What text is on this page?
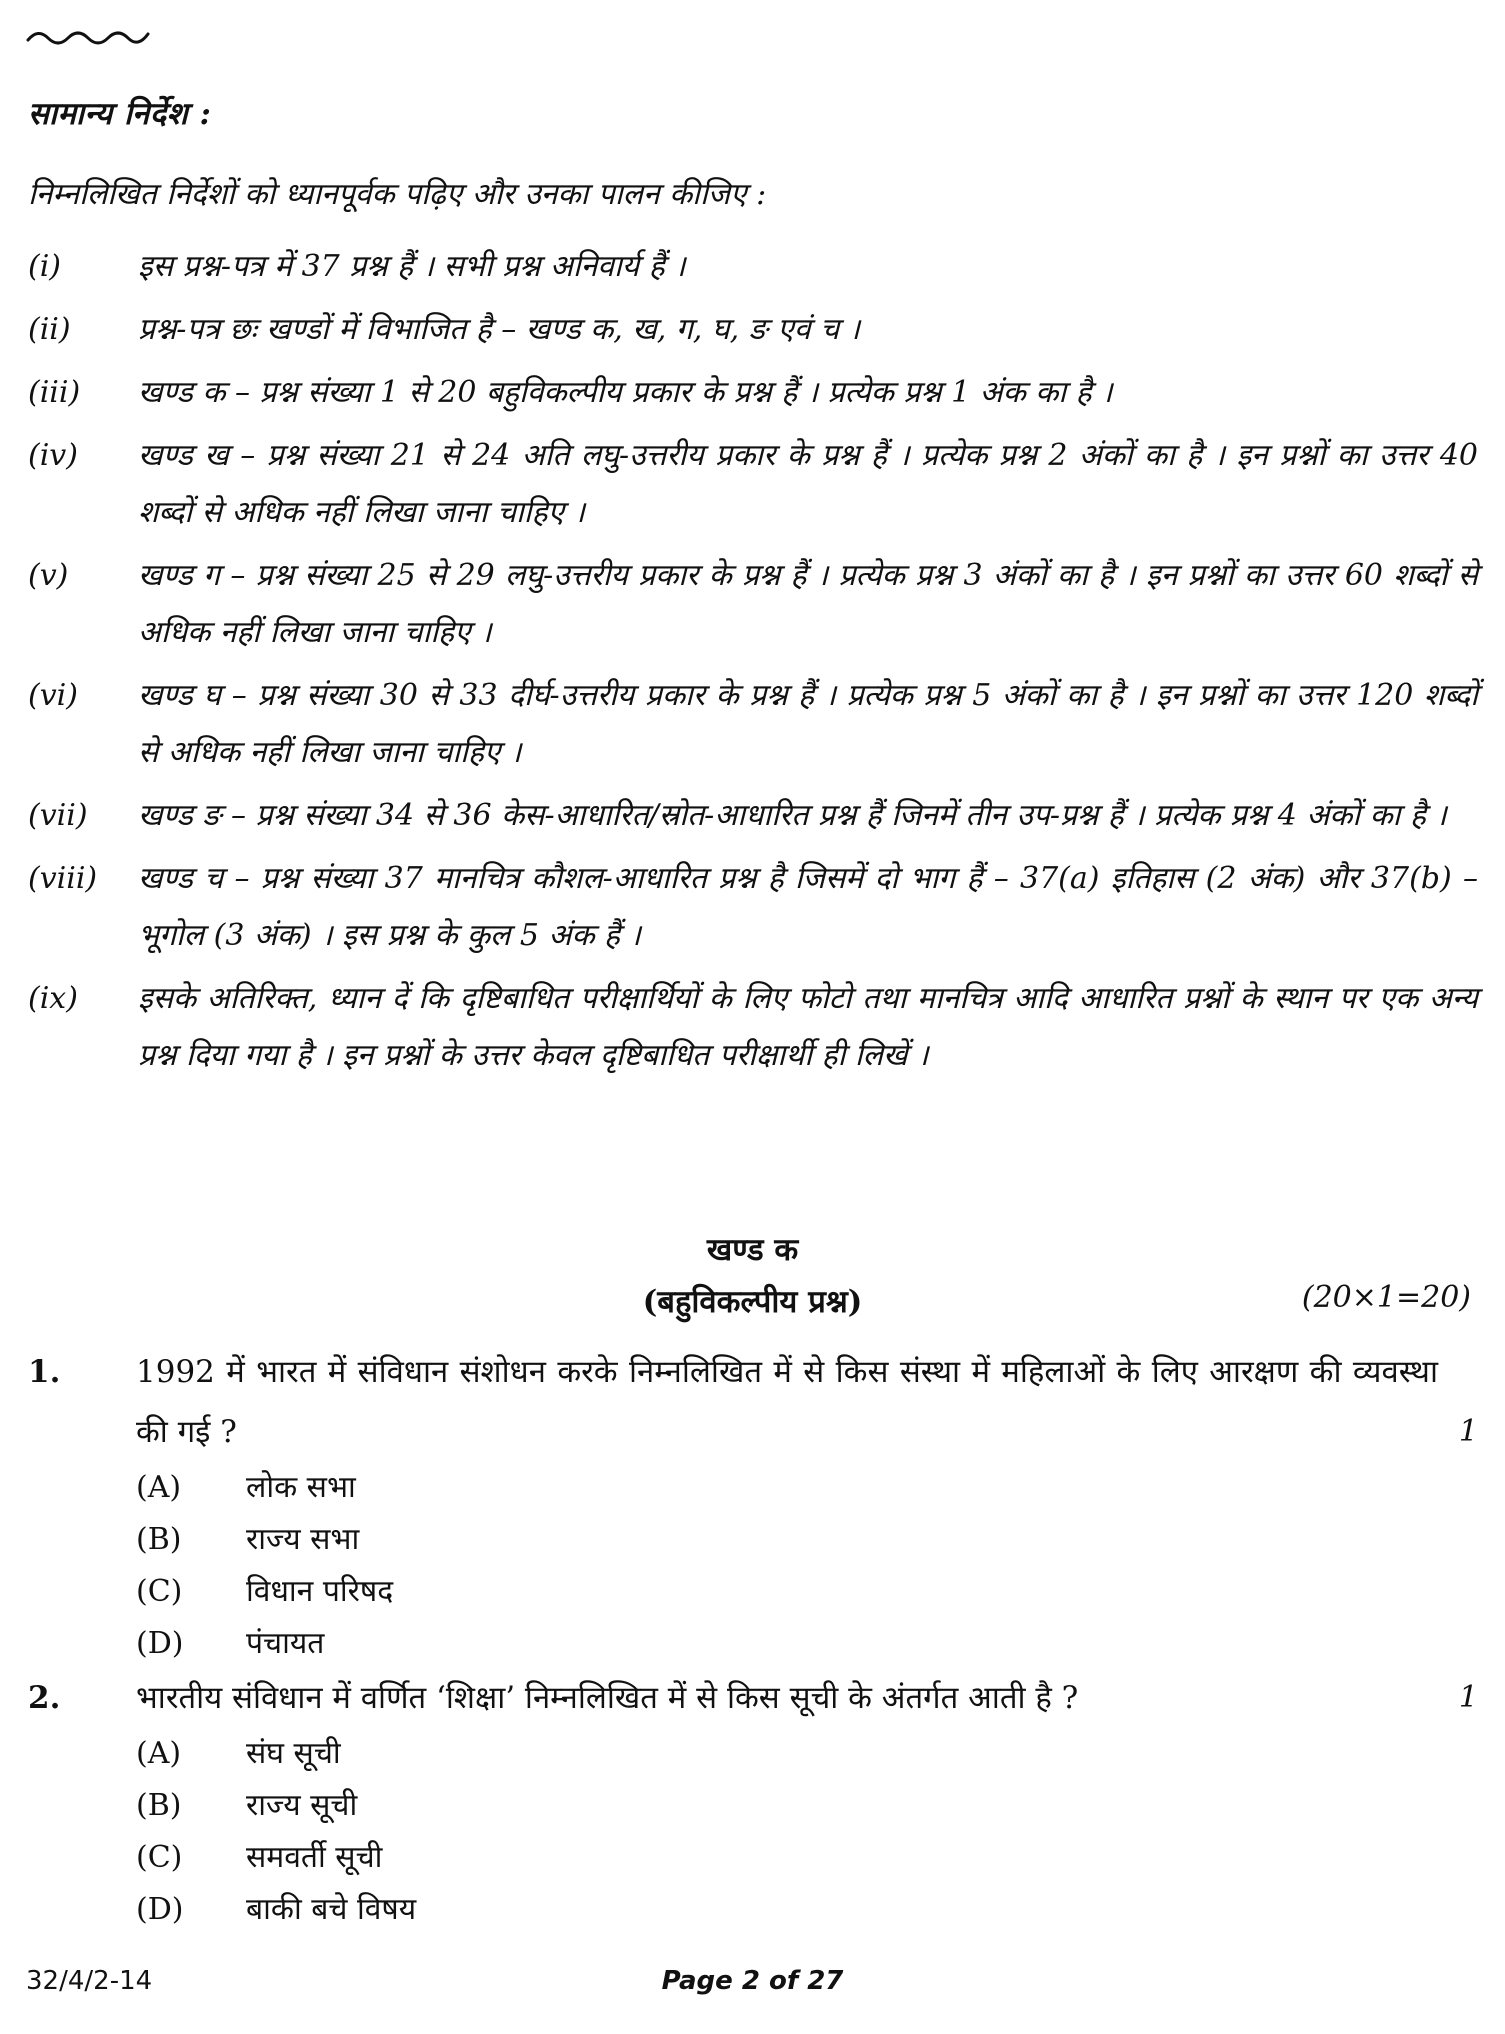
सामान्य निर्देश :
निम्नलिखित निर्देशों को ध्यानपूर्वक पढ़िए और उनका पालन कीजिए :
(i)	इस प्रश्न-पत्र में 37 प्रश्न हैं । सभी प्रश्न अनिवार्य हैं ।
(ii)	प्रश्न-पत्र छः खण्डों में विभाजित है – खण्ड क, ख, ग, घ, ङ एवं च ।
(iii)	खण्ड क – प्रश्न संख्या 1 से 20 बहुविकल्पीय प्रकार के प्रश्न हैं । प्रत्येक प्रश्न 1 अंक का है ।
(iv)	खण्ड ख – प्रश्न संख्या 21 से 24 अति लघु-उत्तरीय प्रकार के प्रश्न हैं । प्रत्येक प्रश्न 2 अंकों का है । इन प्रश्नों का उत्तर 40 शब्दों से अधिक नहीं लिखा जाना चाहिए ।
(v)	खण्ड ग – प्रश्न संख्या 25 से 29 लघु-उत्तरीय प्रकार के प्रश्न हैं । प्रत्येक प्रश्न 3 अंकों का है । इन प्रश्नों का उत्तर 60 शब्दों से अधिक नहीं लिखा जाना चाहिए ।
(vi)	खण्ड घ – प्रश्न संख्या 30 से 33 दीर्घ-उत्तरीय प्रकार के प्रश्न हैं । प्रत्येक प्रश्न 5 अंकों का है । इन प्रश्नों का उत्तर 120 शब्दों से अधिक नहीं लिखा जाना चाहिए ।
(vii)	खण्ड ङ – प्रश्न संख्या 34 से 36 केस-आधारित/स्रोत-आधारित प्रश्न हैं जिनमें तीन उप-प्रश्न हैं । प्रत्येक प्रश्न 4 अंकों का है ।
(viii)	खण्ड च – प्रश्न संख्या 37 मानचित्र कौशल-आधारित प्रश्न है जिसमें दो भाग हैं – 37(a) इतिहास (2 अंक) और 37(b) – भूगोल (3 अंक) । इस प्रश्न के कुल 5 अंक हैं ।
(ix)	इसके अतिरिक्त, ध्यान दें कि दृष्टिबाधित परीक्षार्थियों के लिए फोटो तथा मानचित्र आदि आधारित प्रश्नों के स्थान पर एक अन्य प्रश्न दिया गया है । इन प्रश्नों के उत्तर केवल दृष्टिबाधित परीक्षार्थी ही लिखें ।
खण्ड क
(बहुविकल्पीय प्रश्न)	(20×1=20)
1.	1992 में भारत में संविधान संशोधन करके निम्नलिखित में से किस संस्था में महिलाओं के लिए आरक्षण की व्यवस्था की गई ?	1
(A)	लोक सभा
(B)	राज्य सभा
(C)	विधान परिषद
(D)	पंचायत
2.	भारतीय संविधान में वर्णित ‘शिक्षा’ निम्नलिखित में से किस सूची के अंतर्गत आती है ?	1
(A)	संघ सूची
(B)	राज्य सूची
(C)	समवर्ती सूची
(D)	बाकी बचे विषय
32/4/2-14	Page 2 of 27
